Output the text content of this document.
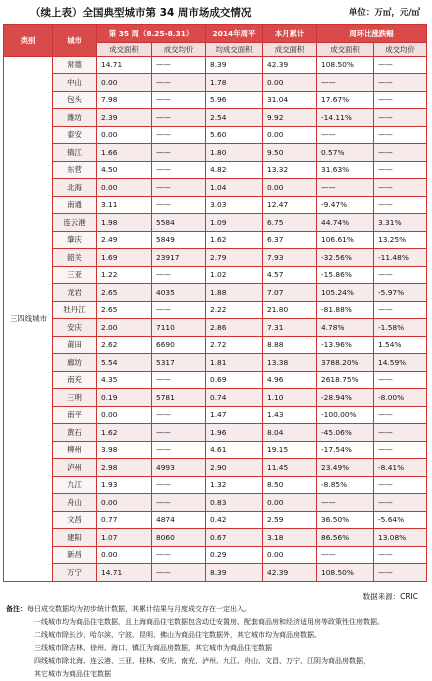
（续上表）全国典型城市第 34 周市场成交情况	单位：万㎡，元/㎡
类别	城市	第 35 周（8.25-8.31）		2014年周平	本月累计	周环比涨跌幅	
		成交面积	成交均价	均成交面积	成交面积	成交面积	成交均价
三四线城市	常德	14.71	——	8.39	42.39	108.50%	——
	中山	0.00	——	1.78	0.00	——	——
	包头	7.98	——	5.96	31.04	17.67%	——
	潍坊	2.39	——	2.54	9.92	-14.11%	——
	泰安	0.00	——	5.60	0.00	——	——
	镇江	1.66	——	1.80	9.50	0.57%	——
	东营	4.50	——	4.82	13.32	31.63%	——
	北海	0.00	——	1.04	0.00	——	——
	南通	3.11	——	3.03	12.47	-9.47%	——
	连云港	1.98	5584	1.09	6.75	44.74%	3.31%
	肇庆	2.49	5849	1.62	6.37	106.61%	13.25%
	韶关	1.69	23917	2.79	7.93	-32.56%	-11.48%
	三亚	1.22	——	1.02	4.57	-15.86%	——
	龙岩	2.65	4035	1.88	7.07	105.24%	-5.97%
	牡丹江	2.65	——	2.22	21.80	-81.88%	——
	安庆	2.00	7110	2.86	7.31	4.78%	-1.58%
	莆田	2.62	6690	2.72	8.88	-13.96%	1.54%
	廊坊	5.54	5317	1.81	13.38	3788.20%	14.59%
	南充	4.35	——	0.69	4.96	2618.75%	——
	三明	0.19	5781	0.74	1.10	-28.94%	-8.00%
	南平	0.00	——	1.47	1.43	-100.00%	——
	黄石	1.62	——	1.96	8.04	-45.06%	——
	柳州	3.98	——	4.61	19.15	-17.54%	——
	泸州	2.98	4993	2.90	11.45	23.49%	-8.41%
	九江	1.93	——	1.32	8.50	-8.85%	——
	舟山	0.00	——	0.83	0.00	——	——
	文昌	0.77	4874	0.42	2.59	36.50%	-5.64%
	建阳	1.07	8060	0.67	3.18	86.56%	13.08%
	新昌	0.00	——	0.29	0.00	——	——
	万宁	14.71	——	8.39	42.39	108.50%	——
数据来源：CRIC

备注：每日成交数据均为初步统计数据，其累计结果与月度成交存在一定出入。

一线城市均为商品住宅数据，且上海商品住宅数据包含动迁安置房、配套商品房和经济适用房等政策性住房数据。

二线城市除长沙、哈尔滨、宁波、昆明、佛山为商品住宅数据外，其它城市均为商品房数据。

三线城市除吉林、徐州、海口、镇江为商品房数据，其它城市为商品住宅数据

四线城市除北海、连云港、三亚、桂林、安庆、南充、泸州、九江、舟山、文昌、万宁、江阴为商品房数据，

其它城市为商品住宅数据
